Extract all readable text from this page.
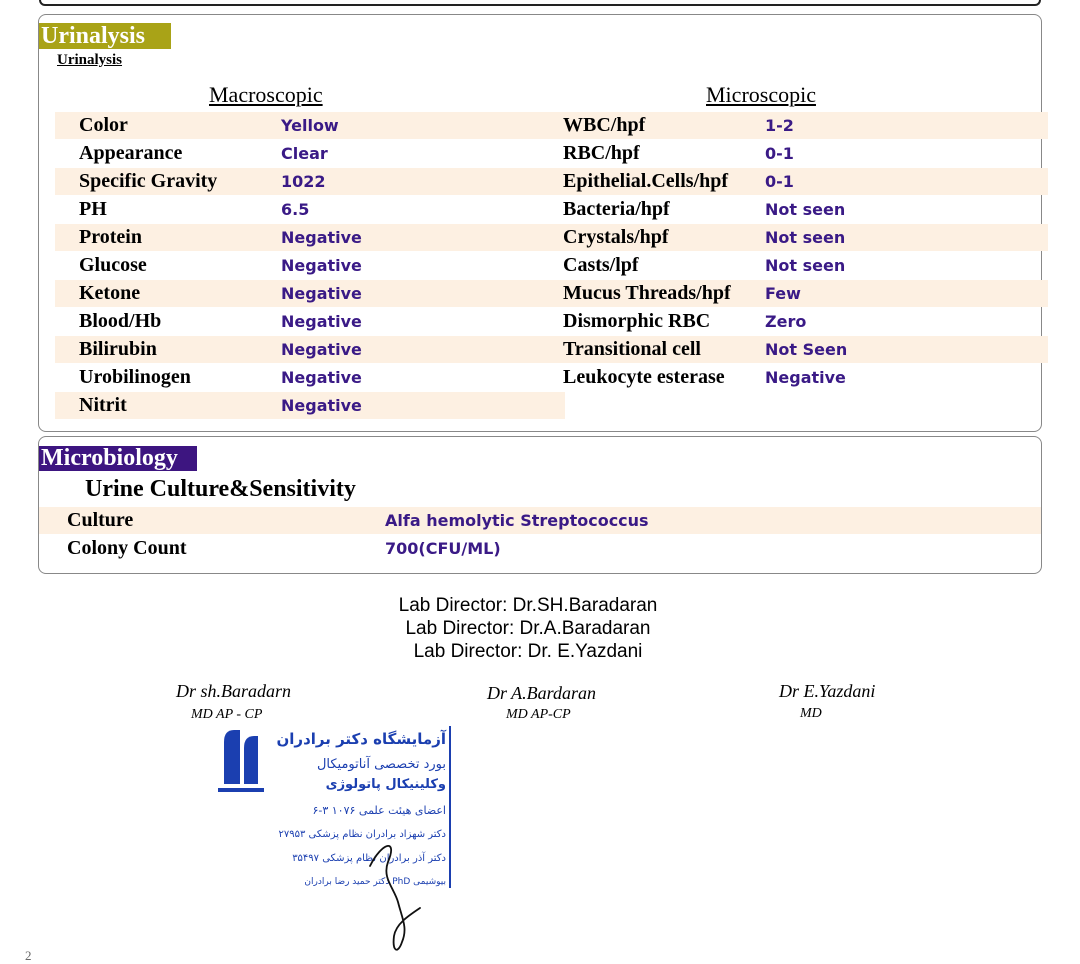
Urinalysis
Urinalysis
Macroscopic	Microscopic
Color	Yellow
Appearance	Clear
Specific Gravity	1022
PH	6.5
Protein	Negative
Glucose	Negative
Ketone	Negative
Blood/Hb	Negative
Bilirubin	Negative
Urobilinogen	Negative
Nitrit	Negative
WBC/hpf	1-2
RBC/hpf	0-1
Epithelial.Cells/hpf 0-1
Bacteria/hpf	Not seen
Crystals/hpf	Not seen
Casts/lpf	Not seen
Mucus Threads/hpf Few
Dismorphic RBC	Zero
Transitional cell	Not Seen
Leukocyte esterase	Negative
Microbiology
Urine Culture&Sensitivity
Culture	Alfa hemolytic Streptococcus
Colony Count	700(CFU/ML)
Lab Director: Dr.SH.Baradaran
Lab Director: Dr.A.Baradaran
Lab Director: Dr. E.Yazdani
Dr sh.Baradarn
MD AP - CP
Dr A.Bardaran
MD AP-CP
Dr E.Yazdani
MD
آزمایشگاه دکتر برادران
بورد تخصصی آناتومیکال
وکلینیکال پاتولوژی
اعضای هیئت علمی ۱۰۷۶ ۳-۶
دکتر شهزاد برادران نظام پزشکی ۲۷۹۵۳
دکتر آذر برادران نظام پزشکی ۳۵۴۹۷
دکتر حمید رضا برادران PhD بیوشیمی
2
